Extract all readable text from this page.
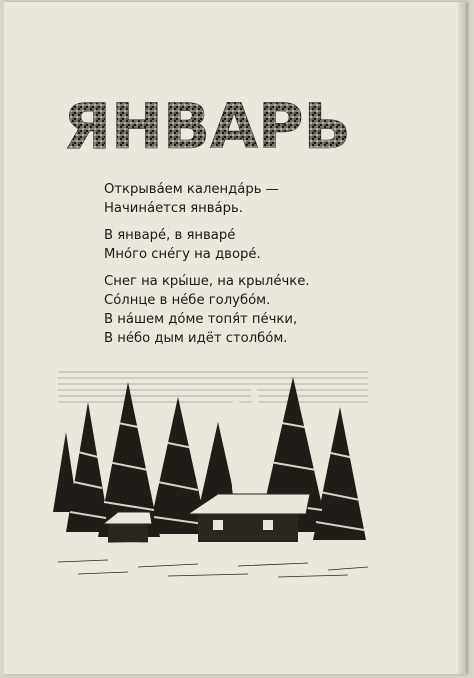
ЯНВАРЬ
Открыва́ем календа́рь —
Начина́ется янва́рь.
В январе́, в январе́
Мно́го сне́гу на дворе́.
Снег на кры́ше, на крыле́чке.
Со́лнце в не́бе голубо́м.
В на́шем до́ме топя́т пе́чки,
В не́бо дым идёт столбо́м.
